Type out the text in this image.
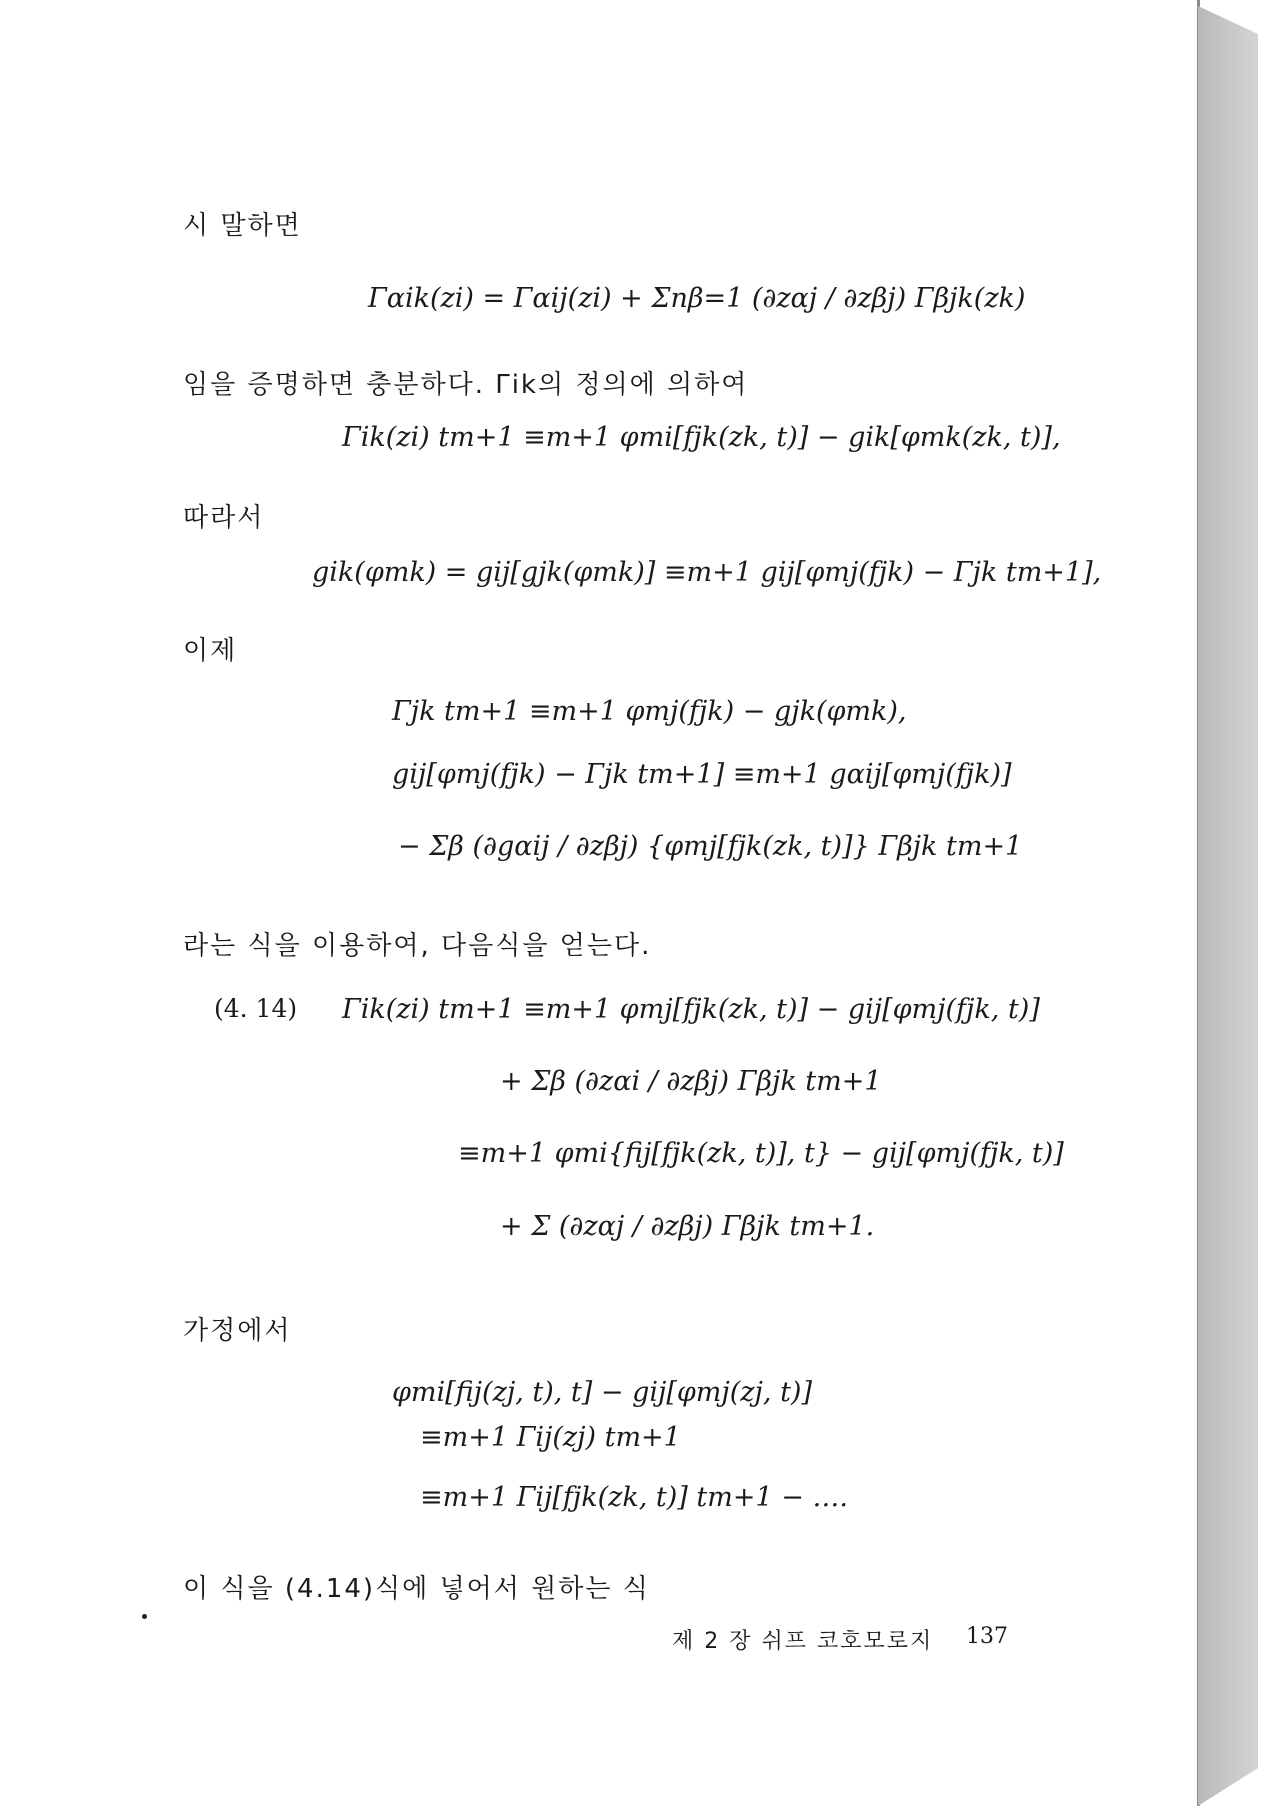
시 말하면
Γαik(zi) = Γαij(zi) + Σnβ=1 (∂zαj / ∂zβj) Γβjk(zk)
임을 증명하면 충분하다. Γik의 정의에 의하여
Γik(zi) tm+1 ≡m+1 φmi[fjk(zk, t)] − gik[φmk(zk, t)],
따라서
gik(φmk) = gij[gjk(φmk)] ≡m+1 gij[φmj(fjk) − Γjk tm+1],
이제
Γjk tm+1 ≡m+1 φmj(fjk) − gjk(φmk),
gij[φmj(fjk) − Γjk tm+1] ≡m+1 gαij[φmj(fjk)]
− Σβ (∂gαij / ∂zβj) {φmj[fjk(zk, t)]} Γβjk tm+1
라는 식을 이용하여, 다음식을 얻는다.
(4. 14) Γik(zi) tm+1 ≡m+1 φmj[fjk(zk, t)] − gij[φmj(fjk, t)]
+ Σβ (∂zαi / ∂zβj) Γβjk tm+1
≡m+1 φmi{fij[fjk(zk, t)], t} − gij[φmj(fjk, t)]
+ Σ (∂zαj / ∂zβj) Γβjk tm+1.
가정에서
φmi[fij(zj, t), t] − gij[φmj(zj, t)]
≡m+1 Γij(zj) tm+1
≡m+1 Γij[fjk(zk, t)] tm+1 − ….
이 식을 (4.14)식에 넣어서 원하는 식
제 2 장 쉬프 코호모로지 137
